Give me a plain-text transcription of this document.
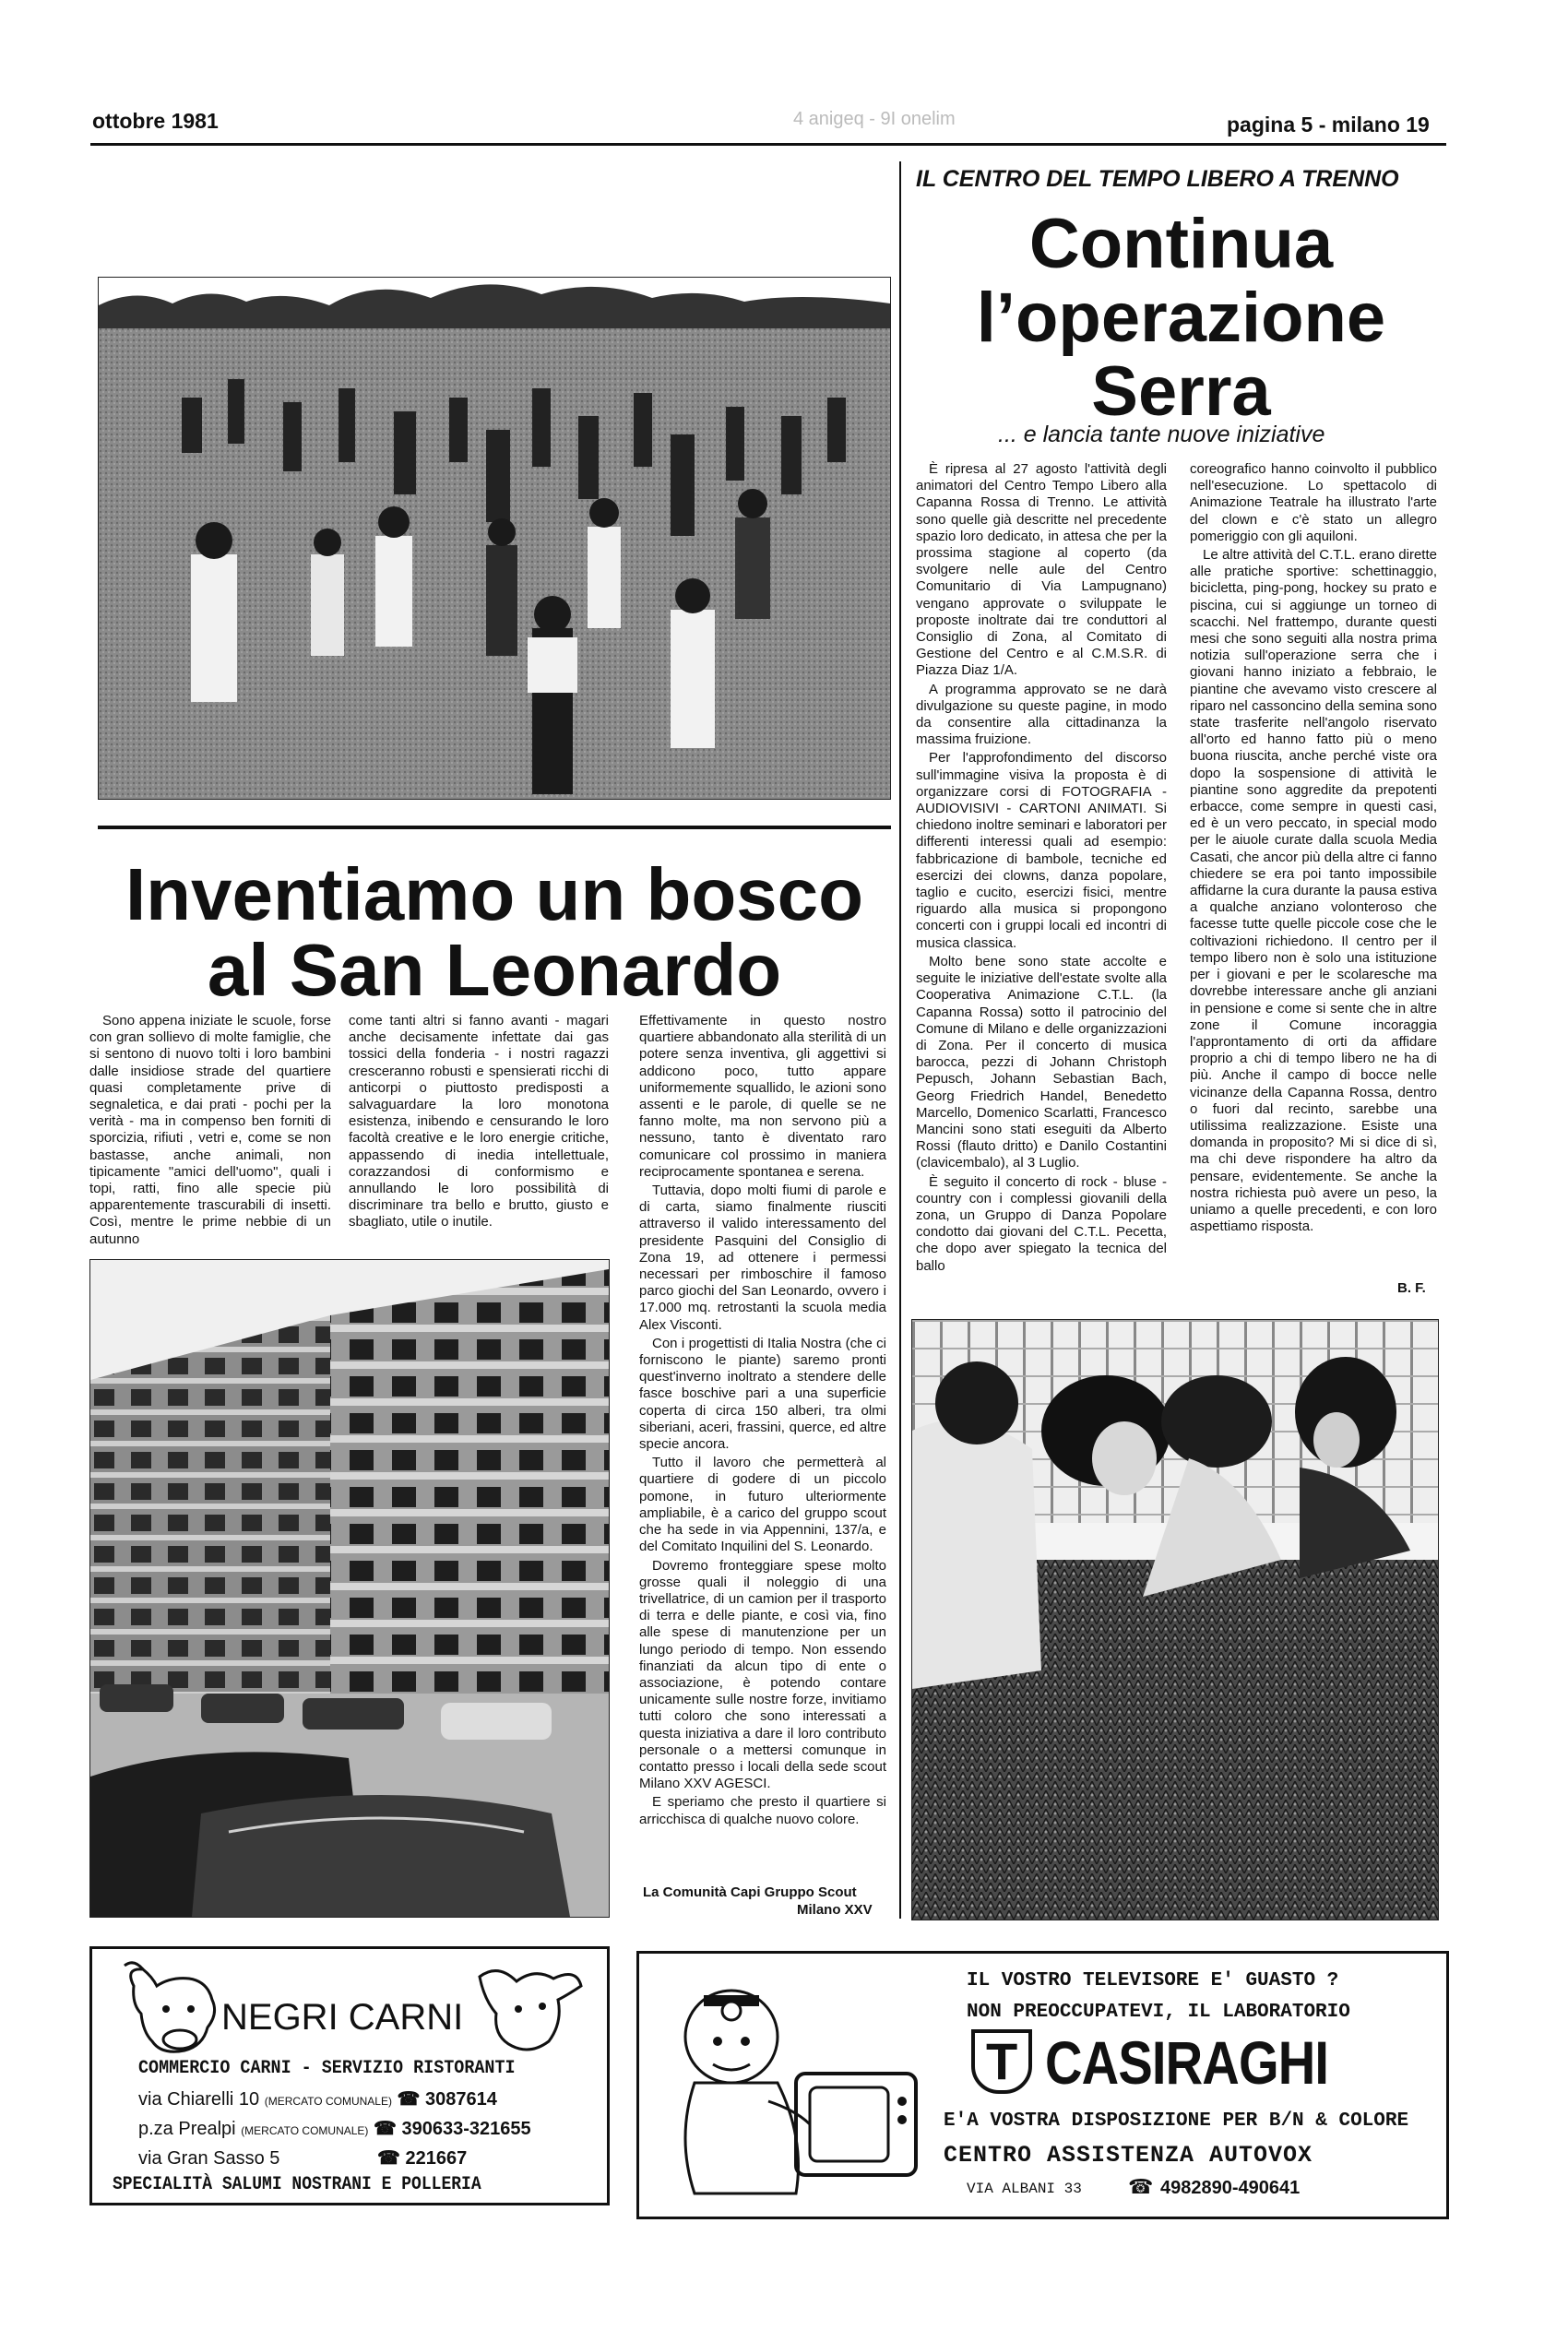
ottobre 1981	4 anigeq - 9I onelim	pagina 5 - milano 19
IL CENTRO DEL TEMPO LIBERO A TRENNO
Continua
l’operazione
Serra
... e lancia tante nuove iniziative

È ripresa al 27 agosto l'attività degli animatori del Centro Tempo Libero alla Capanna Rossa di Trenno. Le attività sono quelle già descritte nel precedente spazio loro dedicato, in attesa che per la prossima stagione al coperto (da svolgere nelle aule del Centro Comunitario di Via Lampugnano) vengano approvate o sviluppate le proposte inoltrate dai tre conduttori al Consiglio di Zona, al Comitato di Gestione del Centro e al C.M.S.R. di Piazza Diaz 1/A.

A programma approvato se ne darà divulgazione su queste pagine, in modo da consentire alla cittadinanza la massima fruizione.

Per l'approfondimento del discorso sull'immagine visiva la proposta è di organizzare corsi di FOTOGRAFIA -AUDIOVISIVI - CARTONI ANIMATI. Si chiedono inoltre seminari e laboratori per differenti interessi quali ad esempio: fabbricazione di bambole, tecniche ed esercizi dei clowns, danza popolare, taglio e cucito, esercizi fisici, mentre riguardo alla musica si propongono concerti con i gruppi locali ed incontri di musica classica.

Molto bene sono state accolte e seguite le iniziative dell'estate svolte alla Cooperativa Animazione C.T.L. (la Capanna Rossa) sotto il patrocinio del Comune di Milano e delle organizzazioni di Zona. Per il concerto di musica barocca, pezzi di Johann Christoph Pepusch, Johann Sebastian Bach, Georg Friedrich Handel, Benedetto Marcello, Domenico Scarlatti, Francesco Mancini sono stati eseguiti da Alberto Rossi (flauto dritto) e Danilo Costantini (clavicembalo), al 3 Luglio.

È seguito il concerto di rock - bluse -country con i complessi giovanili della zona, un Gruppo di Danza Popolare condotto dai giovani del C.T.L. Pecetta, che dopo aver spiegato la tecnica del ballo

coreografico hanno coinvolto il pubblico nell'esecuzione. Lo spettacolo di Animazione Teatrale ha illustrato l'arte del clown e c'è stato un allegro pomeriggio con gli aquiloni.

Le altre attività del C.T.L. erano dirette alle pratiche sportive: schettinaggio, bicicletta, ping-pong, hockey su prato e piscina, cui si aggiunge un torneo di scacchi. Nel frattempo, durante questi mesi che sono seguiti alla nostra prima notizia sull'operazione serra che i giovani hanno iniziato a febbraio, le piantine che avevamo visto crescere al riparo nel cassoncino della semina sono state trasferite nell'angolo riservato all'orto ed hanno fatto più o meno buona riuscita, anche perché viste ora dopo la sospensione di attività le piantine sono aggredite da prepotenti erbacce, come sempre in questi casi, ed è un vero peccato, in special modo per le aiuole curate dalla scuola Media Casati, che ancor più della altre ci fanno chiedere se era poi tanto impossibile affidarne la cura durante la pausa estiva a qualche anziano volonteroso che facesse tutte quelle piccole cose che le coltivazioni richiedono. Il centro per il tempo libero non è solo una istituzione per i giovani e per le scolaresche ma dovrebbe interessare anche gli anziani in pensione e come si sente che in altre zone il Comune incoraggia l'approntamento di orti da affidare proprio a chi di tempo libero ne ha di più. Anche il campo di bocce nelle vicinanze della Capanna Rossa, dentro o fuori dal recinto, sarebbe una utilissima realizzazione. Esiste una domanda in proposito? Mi si dice di sì, ma chi deve rispondere ha altro da pensare, evidentemente. Se anche la nostra richiesta può avere un peso, la uniamo a quelle precedenti, e con loro aspettiamo risposta.

B. F.
Inventiamo un bosco
al San Leonardo

Sono appena iniziate le scuole, forse con gran sollievo di molte famiglie, che si sentono di nuovo tolti i loro bambini dalle insidiose strade del quartiere quasi completamente prive di segnaletica, e dai prati - pochi per la verità - ma in compenso ben forniti di sporcizia, rifiuti , vetri e, come se non bastasse, anche animali, non tipicamente "amici dell'uomo", quali i topi, ratti, fino alle specie più apparentemente trascurabili di insetti. Così, mentre le prime nebbie di un autunno

come tanti altri si fanno avanti - magari anche decisamente infettate dai gas tossici della fonderia - i nostri ragazzi cresceranno robusti e spensierati ricchi di anticorpi o piuttosto predisposti a salvaguardare la loro monotona esistenza, inibendo e censurando le loro facoltà creative e le loro energie critiche, appassendo di inedia intellettuale, corazzandosi di conformismo e annullando le loro possibilità di discriminare tra bello e brutto, giusto e sbagliato, utile o inutile.

Effettivamente in questo nostro quartiere abbandonato alla sterilità di un potere senza inventiva, gli aggettivi si addicono poco, tutto appare uniformemente squallido, le azioni sono assenti e le parole, di quelle se ne fanno molte, ma non servono più a nessuno, tanto è diventato raro comunicare col prossimo in maniera reciprocamente spontanea e serena.

Tuttavia, dopo molti fiumi di parole e di carta, siamo finalmente riusciti attraverso il valido interessamento del presidente Pasquini del Consiglio di Zona 19, ad ottenere i permessi necessari per rimboschire il famoso parco giochi del San Leonardo, ovvero i 17.000 mq. retrostanti la scuola media Alex Visconti.

Con i progettisti di Italia Nostra (che ci forniscono le piante) saremo pronti quest'inverno inoltrato a stendere delle fasce boschive pari a una superficie coperta di circa 150 alberi, tra olmi siberiani, aceri, frassini, querce, ed altre specie ancora.

Tutto il lavoro che permetterà al quartiere di godere di un piccolo pomone, in futuro ulteriormente ampliabile, è a carico del gruppo scout che ha sede in via Appennini, 137/a, e del Comitato Inquilini del S. Leonardo.

Dovremo fronteggiare spese molto grosse quali il noleggio di una trivellatrice, di un camion per il trasporto di terra e delle piante, e così via, fino alle spese di manutenzione per un lungo periodo di tempo. Non essendo finanziati da alcun tipo di ente o associazione, è potendo contare unicamente sulle nostre forze, invitiamo tutti coloro che sono interessati a questa iniziativa a dare il loro contributo personale o a mettersi comunque in contatto presso i locali della sede scout Milano XXV AGESCI.

E speriamo che presto il quartiere si arricchisca di qualche nuovo colore.

La Comunità Capi Gruppo Scout
Milano XXV
NEGRI CARNI
COMMERCIO CARNI - SERVIZIO RISTORANTI
via Chiarelli 10 (MERCATO COMUNALE) ☎ 3087614
p.za Prealpi (MERCATO COMUNALE) ☎ 390633-321655
via Gran Sasso 5	☎ 221667
SPECIALITÀ SALUMI NOSTRANI E POLLERIA
IL VOSTRO TELEVISORE E' GUASTO ?
NON PREOCCUPATEVI, IL LABORATORIO
T CASIRAGHI
E'A VOSTRA DISPOSIZIONE PER B/N & COLORE
CENTRO ASSISTENZA AUTOVOX
VIA ALBANI 33 ☎ 4982890-490641
